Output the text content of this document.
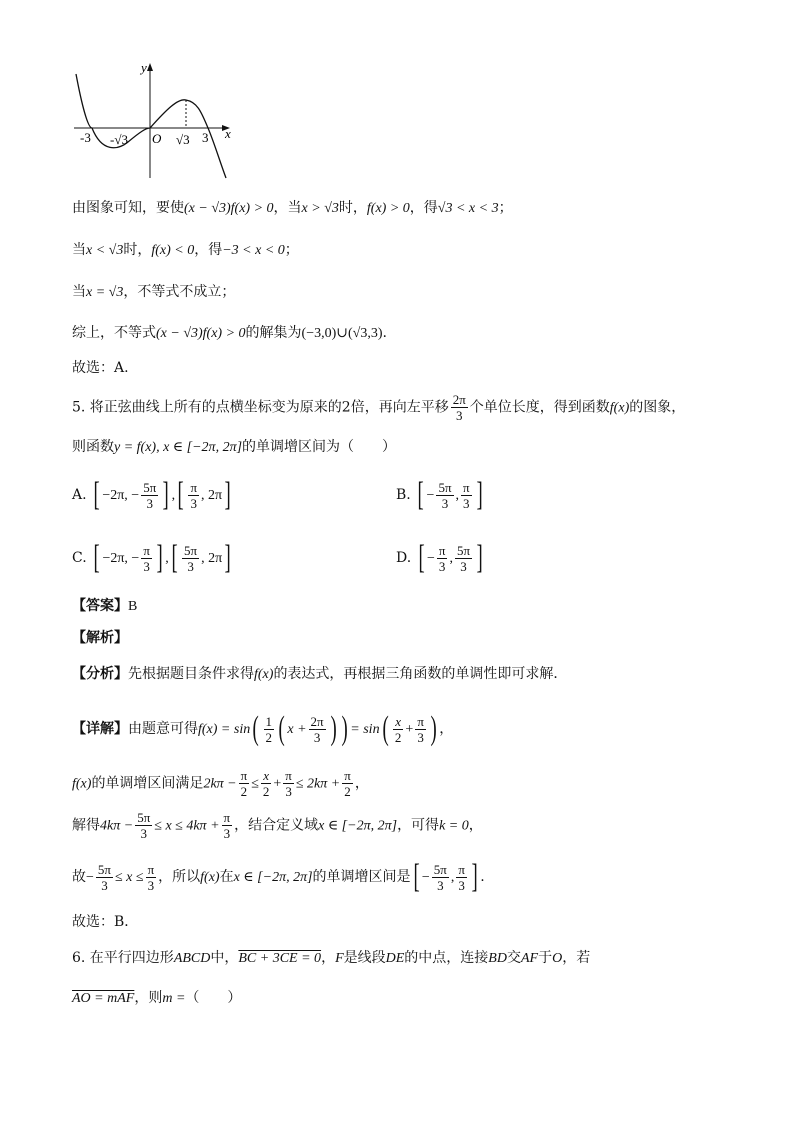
y
x
O
-3 -√3	√3 3
由图象可知，要使(x − √3)f(x) > 0，当x > √3时，f(x) > 0，得√3 < x < 3；
当x < √3时，f(x) < 0，得−3 < x < 0；
当x = √3，不等式不成立；
综上，不等式(x − √3)f(x) > 0的解集为(−3,0)∪(√3,3).
故选：A.
5. 将正弦曲线上所有的点横坐标变为原来的2倍，再向左平移 $\frac{2\pi}{3}$ 个单位长度，得到函数f(x)的图象，
则函数y = f(x), x ∈ [−2π, 2π]的单调增区间为（　　）
A. [ −2π, − $\frac{5\pi}{3}$ ] ,[ $\frac{\pi}{3}$ , 2π]	B. [ − $\frac{5\pi}{3}$ , $\frac{\pi}{3}$ ]
C. [ −2π, − $\frac{\pi}{3}$ ] ,[ $\frac{5\pi}{3}$ , 2π]	D. [ − $\frac{\pi}{3}$ , $\frac{5\pi}{3}$ ]
【答案】B
【解析】
【分析】先根据题目条件求得f(x)的表达式，再根据三角函数的单调性即可求解．
【详解】由题意可得$f(x) = \sin( \frac{1}{2}$ ( $x + \frac{2\pi}{3}$ ) ) = $\sin( \frac{x}{2} + \frac{\pi}{3}$ ) ，
f(x)的单调增区间满足$2k\pi - \frac{\pi}{2} \le \frac{x}{2} + \frac{\pi}{3} \le 2k\pi + \frac{\pi}{2}$ ，
解得$4k\pi - \frac{5\pi}{3} \le x \le 4k\pi + \frac{\pi}{3}$ ，结合定义域x ∈ [−2π, 2π]，可得k = 0，
故− $\frac{5\pi}{3} \le x \le \frac{\pi}{3}$ ，所以f(x)在x ∈ [−2π, 2π]的单调增区间是[ − $\frac{5\pi}{3}$ , $\frac{\pi}{3}$ ] .
故选：B．
6. 在平行四边形ABCD中，BC + 3CE = 0，F是线段DE的中点，连接BD交AF于O，若
AO = mAF，则m =（　　）
